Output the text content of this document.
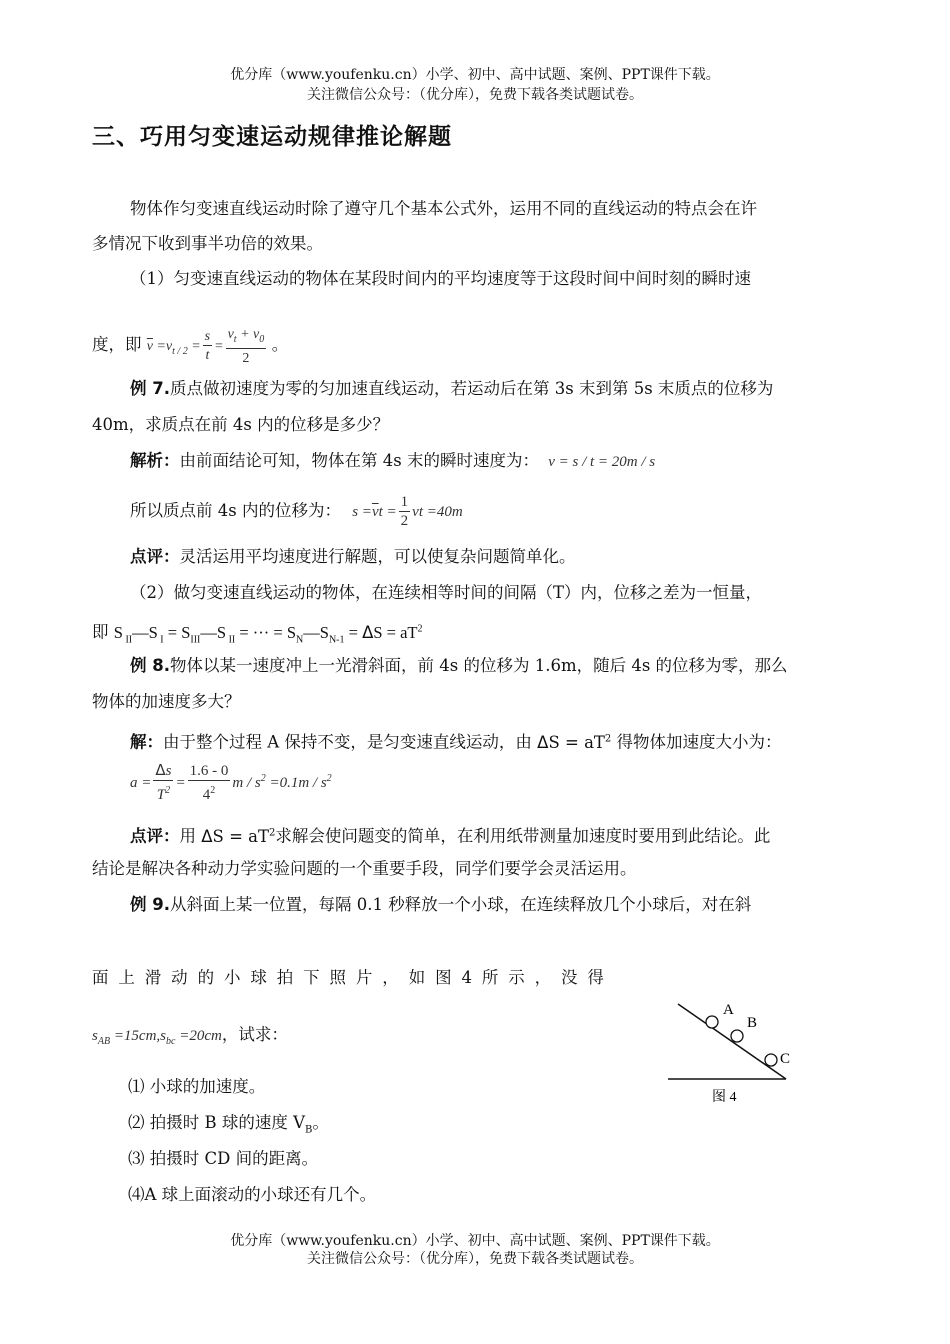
优分库（www.youfenku.cn）小学、初中、高中试题、案例、PPT课件下载。
关注微信公众号：（优分库），免费下载各类试题试卷。
三、巧用匀变速运动规律推论解题
物体作匀变速直线运动时除了遵守几个基本公式外，运用不同的直线运动的特点会在许
多情况下收到事半功倍的效果。
（1）匀变速直线运动的物体在某段时间内的平均速度等于这段时间中间时刻的瞬时速
度，即 $\overline{v} =v_{t / 2} = \frac{s}{t} = \frac{v_t + v_0}{2}$ 。
例 7.质点做初速度为零的匀加速直线运动，若运动后在第 3s 末到第 5s 末质点的位移为
40m，求质点在前 4s 内的位移是多少？
解析：由前面结论可知，物体在第 4s 末的瞬时速度为： v = s / t = 20m / s
所以质点前 4s 内的位移为： $s =\overline{v}t = \frac{1}{2}$ vt =40m
点评：灵活运用平均速度进行解题，可以使复杂问题简单化。
（2）做匀变速直线运动的物体，在连续相等时间的间隔（T）内，位移之差为一恒量，
即 S $_{II}$—S $_I = S_{III}—S$ $_{II}$ = ··· = $S_N—S_{N-1} = \Delta S = aT^2$
例 8.物体以某一速度冲上一光滑斜面，前 4s 的位移为 1.6m，随后 4s 的位移为零，那么
物体的加速度多大？
解：由于整个过程 A 保持不变，是匀变速直线运动，由 $\Delta S = aT^2$ 得物体加速度大小为：
$a = \frac{\Delta s}{T^2} = \frac{1.6 - 0}{4^2}$ $m / s^2 =0.1m / s^2$
点评：用 $\Delta S = aT^2$求解会使问题变的简单，在利用纸带测量加速度时要用到此结论。此
结论是解决各种动力学实验问题的一个重要手段，同学们要学会灵活运用。
例 9.从斜面上某一位置，每隔 0.1 秒释放一个小球，在连续释放几个小球后，对在斜
面 上 滑 动 的 小 球 拍 下 照 片 ， 如 图 4 所 示 ， 没 得
$s_{AB} =15cm,s_{bc} =20cm$，试求：
⑴ 小球的加速度。
⑵ 拍摄时 B 球的速度 $V_B$。
⑶ 拍摄时 CD 间的距离。
⑷A 球上面滚动的小球还有几个。
A
B
C
图 4
优分库（www.youfenku.cn）小学、初中、高中试题、案例、PPT课件下载。
关注微信公众号：（优分库），免费下载各类试题试卷。
